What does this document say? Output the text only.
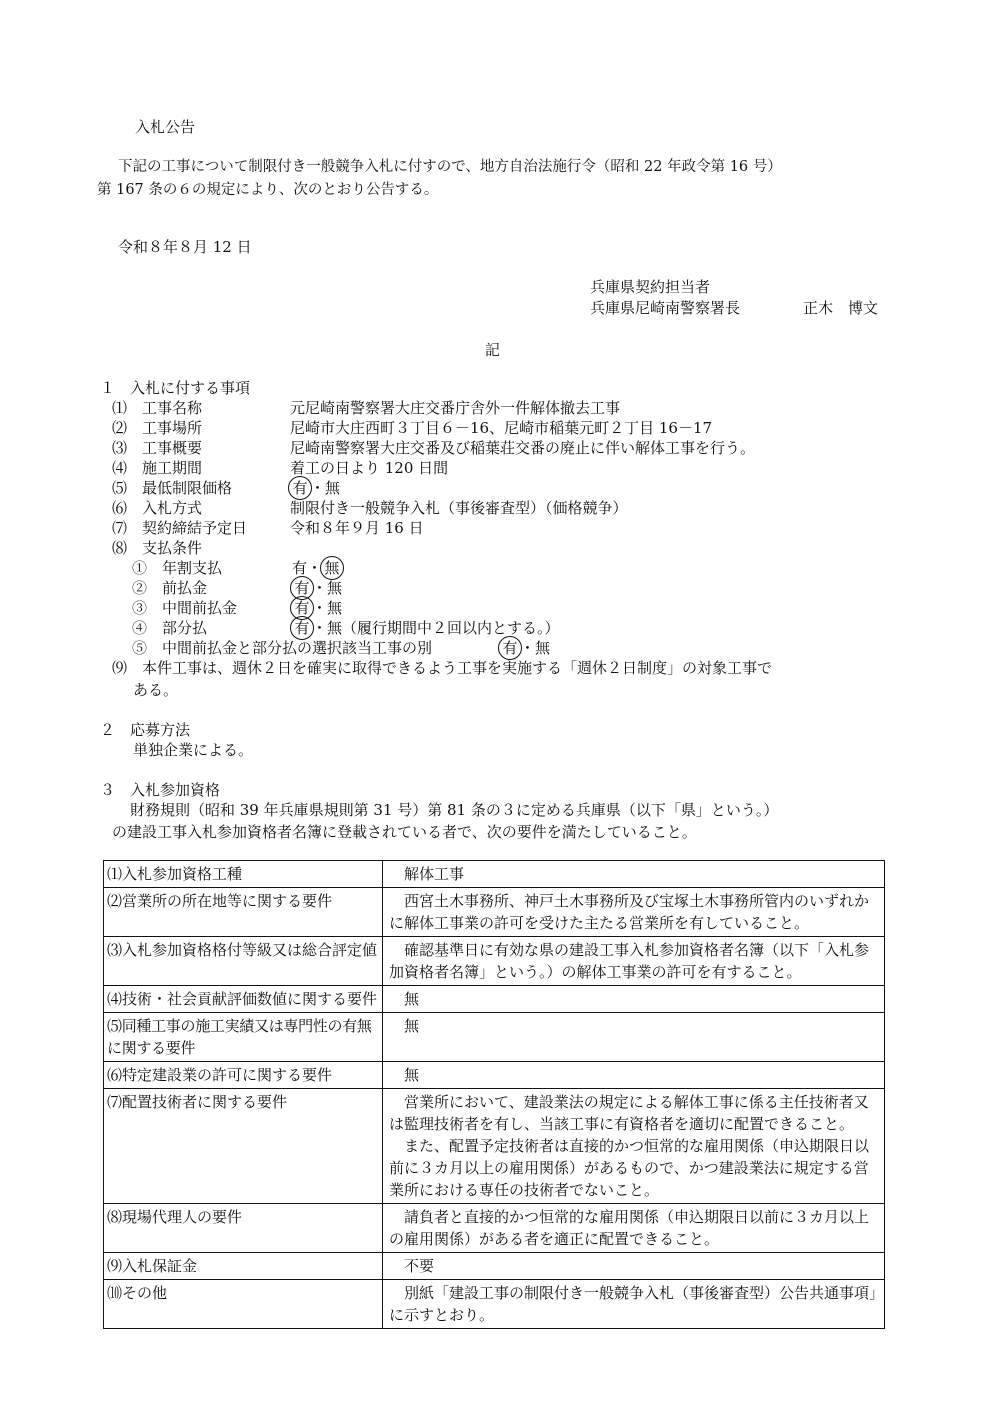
入札公告
下記の工事について制限付き一般競争入札に付すので、地方自治法施行令（昭和 22 年政令第 16 号）
第 167 条の６の規定により、次のとおり公告する。
令和８年８月 12 日
兵庫県契約担当者
兵庫県尼崎南警察署長	正木　博文
記
１　入札に付する事項
⑴　工事名称	元尼崎南警察署大庄交番庁舎外一件解体撤去工事
⑵　工事場所	尼崎市大庄西町３丁目６－16、尼崎市稲葉元町２丁目 16－17
⑶　工事概要	尼崎南警察署大庄交番及び稲葉荘交番の廃止に伴い解体工事を行う。
⑷　施工期間	着工の日より 120 日間
⑸　最低制限価格	有 ・無
⑹　入札方式	制限付き一般競争入札（事後審査型）（価格競争）
⑺　契約締結予定日	令和８年９月 16 日
⑻　支払条件
①　年割支払	有・ 無
②　前払金	有 ・無
③　中間前払金	有 ・無
④　部分払	有 ・無（履行期間中２回以内とする。）
⑤　中間前払金と部分払の選択該当工事の別	有 ・無
⑼　本件工事は、週休２日を確実に取得できるよう工事を実施する「週休２日制度」の対象工事で
ある。
２　応募方法
単独企業による。
３　入札参加資格
財務規則（昭和 39 年兵庫県規則第 31 号）第 81 条の３に定める兵庫県（以下「県」という。）
の建設工事入札参加資格者名簿に登載されている者で、次の要件を満たしていること。
⑴入札参加資格工種	　解体工事

⑵営業所の所在地等に関する要件	　西宮土木事務所、神戸土木事務所及び宝塚土木事務所管内のいずれかに解体工事業の許可を受けた主たる営業所を有していること。

⑶入札参加資格格付等級又は総合評定値	　確認基準日に有効な県の建設工事入札参加資格者名簿（以下「入札参加資格者名簿」という。）の解体工事業の許可を有すること。

⑷技術・社会貢献評価数値に関する要件	　無

⑸同種工事の施工実績又は専門性の有無に関する要件	　無

⑹特定建設業の許可に関する要件	　無

⑺配置技術者に関する要件	　営業所において、建設業法の規定による解体工事に係る主任技術者又は監理技術者を有し、当該工事に有資格者を適切に配置できること。
　また、配置予定技術者は直接的かつ恒常的な雇用関係（申込期限日以前に３カ月以上の雇用関係）があるもので、かつ建設業法に規定する営業所における専任の技術者でないこと。

⑻現場代理人の要件	　請負者と直接的かつ恒常的な雇用関係（申込期限日以前に３カ月以上の雇用関係）がある者を適正に配置できること。

⑼入札保証金	　不要

⑽その他	　別紙「建設工事の制限付き一般競争入札（事後審査型）公告共通事項」に示すとおり。
